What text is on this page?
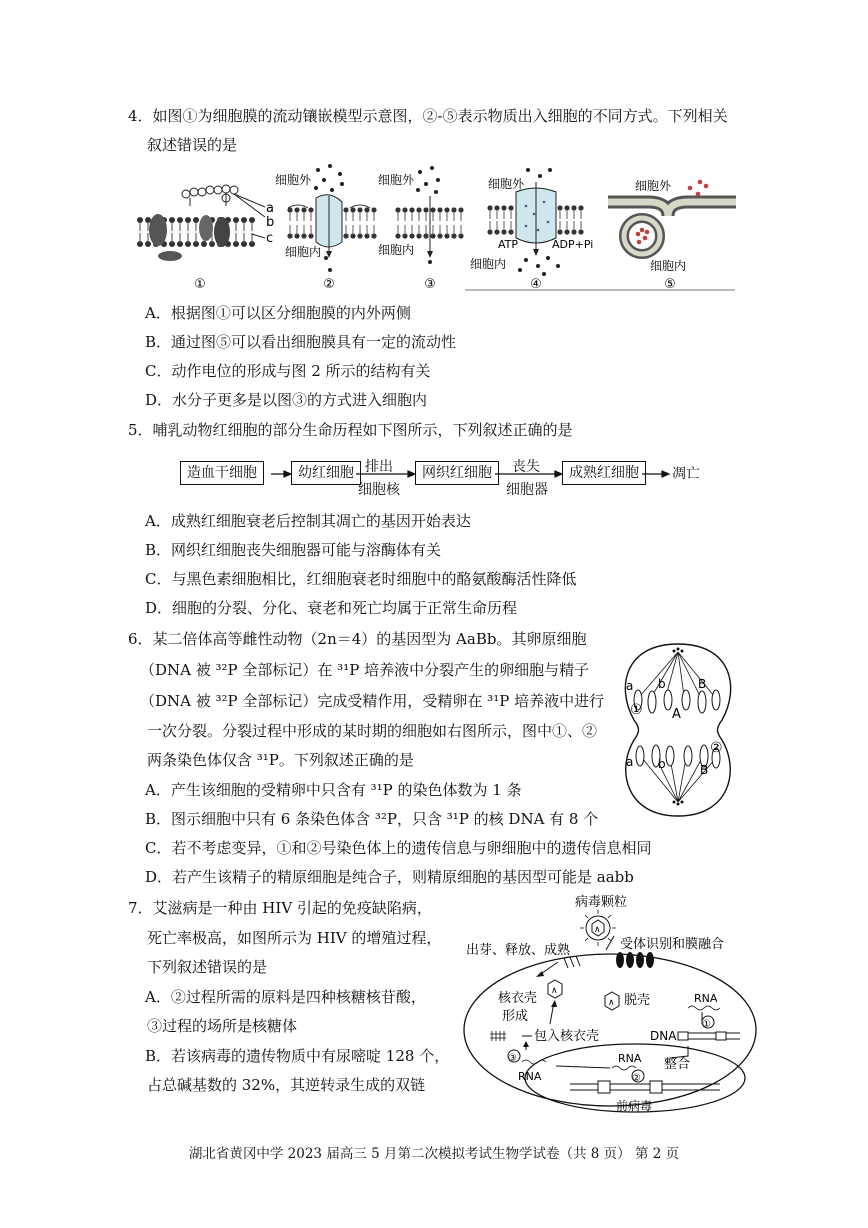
4．如图①为细胞膜的流动镶嵌模型示意图，②-⑤表示物质出入细胞的不同方式。下列相关
叙述错误的是
a
b
c
①
细胞外
细胞内
②
细胞外
细胞内
③
细胞外
细胞内
ATP	ADP+Pi
④
细胞外
细胞内
⑤
A．根据图①可以区分细胞膜的内外两侧
B．通过图⑤可以看出细胞膜具有一定的流动性
C．动作电位的形成与图 2 所示的结构有关
D．水分子更多是以图③的方式进入细胞内
5．哺乳动物红细胞的部分生命历程如下图所示，下列叙述正确的是
造血干细胞	幼红细胞	网织红细胞	成熟红细胞
排出
细胞核
丧失
细胞器
凋亡
A．成熟红细胞衰老后控制其凋亡的基因开始表达
B．网织红细胞丧失细胞器可能与溶酶体有关
C．与黑色素细胞相比，红细胞衰老时细胞中的酪氨酸酶活性降低
D．细胞的分裂、分化、衰老和死亡均属于正常生命历程
6．某二倍体高等雌性动物（2n＝4）的基因型为 AaBb。其卵原细胞
（DNA 被 ³²P 全部标记）在 ³¹P 培养液中分裂产生的卵细胞与精子
（DNA 被 ³²P 全部标记）完成受精作用，受精卵在 ³¹P 培养液中进行
一次分裂。分裂过程中形成的某时期的细胞如右图所示，图中①、②
两条染色体仅含 ³¹P。下列叙述正确的是
A．产生该细胞的受精卵中只含有 ³¹P 的染色体数为 1 条
B．图示细胞中只有 6 条染色体含 ³²P，只含 ³¹P 的核 DNA 有 8 个
C．若不考虑变异，①和②号染色体上的遗传信息与卵细胞中的遗传信息相同
D．若产生该精子的精原细胞是纯合子，则精原细胞的基因型可能是 aabb
a b	B
A
①
a b	B
②
7．艾滋病是一种由 HIV 引起的免疫缺陷病，
死亡率极高，如图所示为 HIV 的增殖过程，
下列叙述错误的是
A．②过程所需的原料是四种核糖核苷酸，
③过程的场所是核糖体
B．若该病毒的遗传物质中有尿嘧啶 128 个，
占总碱基数的 32%，其逆转录生成的双链
病毒颗粒
∧
出芽、释放、成熟	受体识别和膜融合
∧
∧ 脱壳	RNA
核衣壳
形成
包入核衣壳	DNA
①
RNA
②
整合
前病毒
③
RNA
湖北省黄冈中学 2023 届高三 5 月第二次模拟考试生物学试卷（共 8 页） 第 2 页
